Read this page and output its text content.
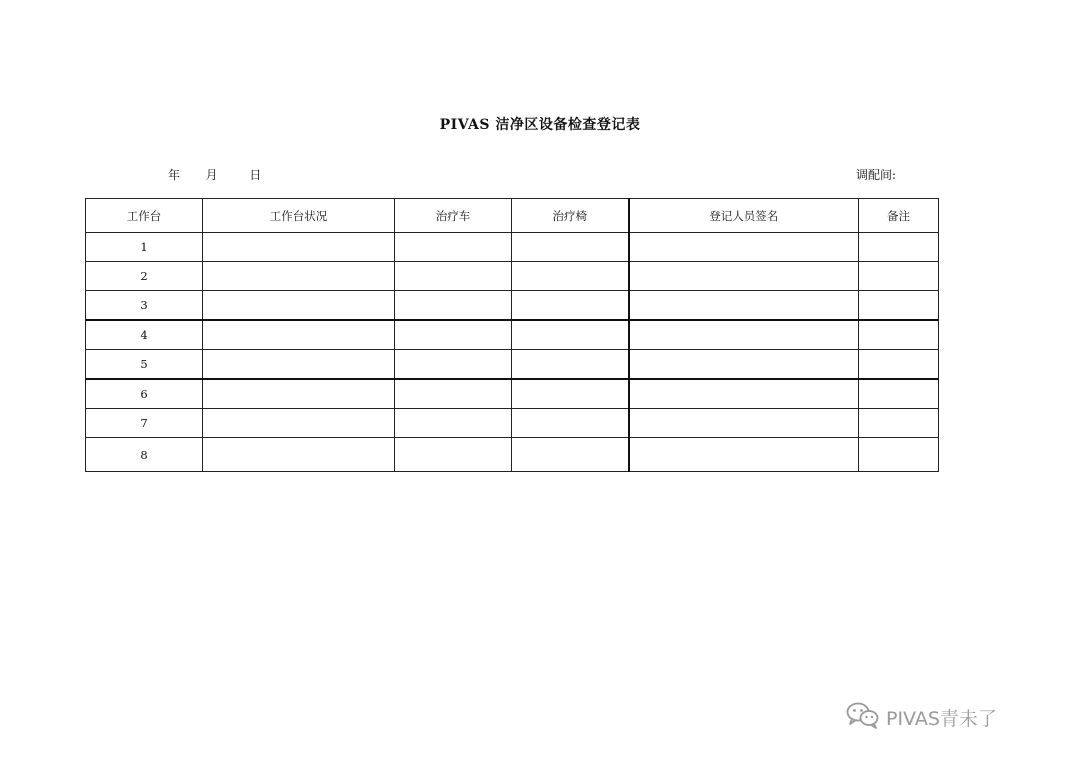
PIVAS 洁净区设备检查登记表
年 月	日	调配间:
工作台	工作台状况	治疗车	治疗椅	登记人员签名	备注
1					
2					
3					
4					
5					
6					
7					
8					
PIVAS青未了
